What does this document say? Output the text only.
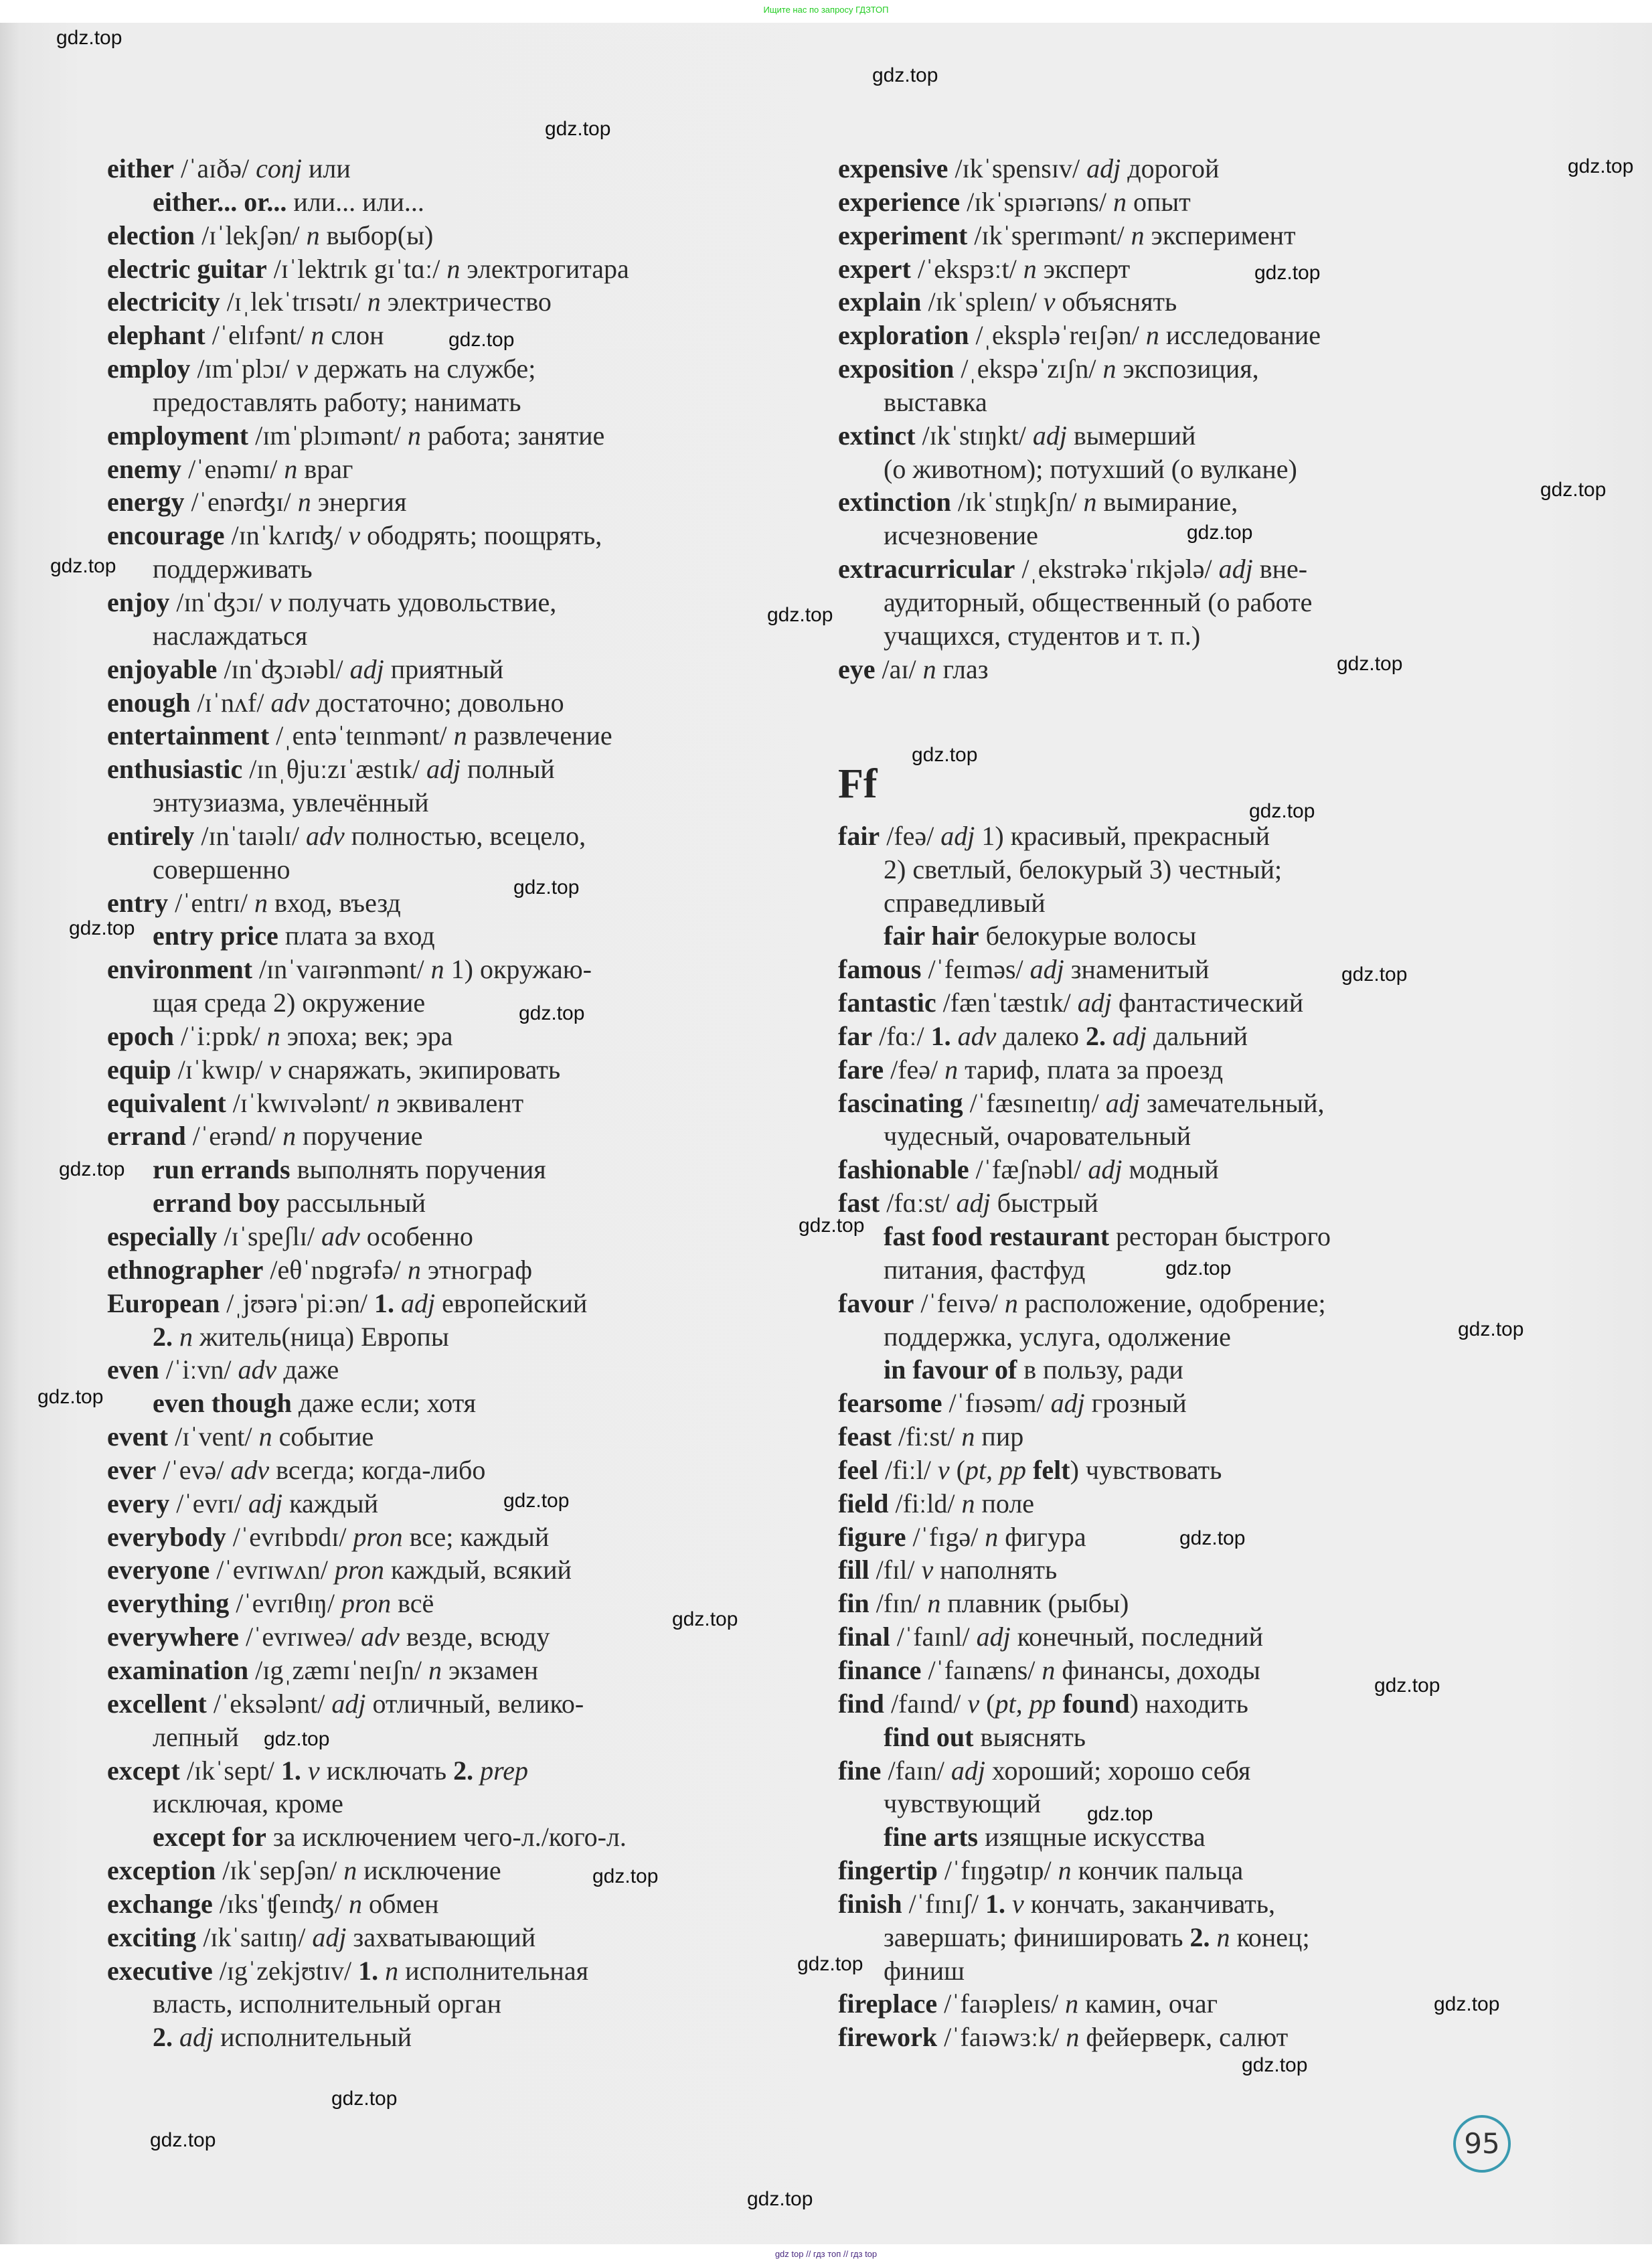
Ищите нас по запросу ГДЗТОП
either /ˈaɪðə/ conj или
either... or... или... или...
election /ɪˈlekʃən/ n выбор(ы)
electric guitar /ɪˈlektrɪk gɪˈtɑː/ n электрогитара
electricity /ɪˌlekˈtrɪsətɪ/ n электричество
elephant /ˈelɪfənt/ n слон
employ /ɪmˈplɔɪ/ v держать на службе;
предоставлять работу; нанимать
employment /ɪmˈplɔɪmənt/ n работа; занятие
enemy /ˈenəmɪ/ n враг
energy /ˈenərʤɪ/ n энергия
encourage /ɪnˈkʌrɪʤ/ v ободрять; поощрять,
поддерживать
enjoy /ɪnˈʤɔɪ/ v получать удовольствие,
наслаждаться
enjoyable /ɪnˈʤɔɪəbl/ adj приятный
enough /ɪˈnʌf/ adv достаточно; довольно
entertainment /ˌentəˈteɪnmənt/ n развлечение
enthusiastic /ɪnˌθjuːzɪˈæstɪk/ adj полный
энтузиазма, увлечённый
entirely /ɪnˈtaɪəlɪ/ adv полностью, всецело,
совершенно
entry /ˈentrɪ/ n вход, въезд
entry price плата за вход
environment /ɪnˈvaɪrənmənt/ n 1) окружаю-
щая среда 2) окружение
epoch /ˈiːpɒk/ n эпоха; век; эра
equip /ɪˈkwɪp/ v снаряжать, экипировать
equivalent /ɪˈkwɪvələnt/ n эквивалент
errand /ˈerənd/ n поручение
run errands выполнять поручения
errand boy рассыльный
especially /ɪˈspeʃlɪ/ adv особенно
ethnographer /eθˈnɒgrəfə/ n этнограф
European /ˌjʊərəˈpiːən/ 1. adj европейский
2. n житель(ница) Европы
even /ˈiːvn/ adv даже
even though даже если; хотя
event /ɪˈvent/ n событие
ever /ˈevə/ adv всегда; когда-либо
every /ˈevrɪ/ adj каждый
everybody /ˈevrɪbɒdɪ/ pron все; каждый
everyone /ˈevrɪwʌn/ pron каждый, всякий
everything /ˈevrɪθɪŋ/ pron всё
everywhere /ˈevrɪweə/ adv везде, всюду
examination /ɪgˌzæmɪˈneɪʃn/ n экзамен
excellent /ˈeksələnt/ adj отличный, велико-
лепный
except /ɪkˈsept/ 1. v исключать 2. prep
исключая, кроме
except for за исключением чего-л./кого-л.
exception /ɪkˈsepʃən/ n исключение
exchange /ɪksˈʧeɪnʤ/ n обмен
exciting /ɪkˈsaɪtɪŋ/ adj захватывающий
executive /ɪgˈzekjʊtɪv/ 1. n исполнительная
власть, исполнительный орган
2. adj исполнительный
expensive /ɪkˈspensɪv/ adj дорогой
experience /ɪkˈspɪərɪəns/ n опыт
experiment /ɪkˈsperɪmənt/ n эксперимент
expert /ˈekspɜːt/ n эксперт
explain /ɪkˈspleɪn/ v объяснять
exploration /ˌekspləˈreɪʃən/ n исследование
exposition /ˌekspəˈzɪʃn/ n экспозиция,
выставка
extinct /ɪkˈstɪŋkt/ adj вымерший
(о животном); потухший (о вулкане)
extinction /ɪkˈstɪŋkʃn/ n вымирание,
исчезновение
extracurricular /ˌekstrəkəˈrɪkjələ/ adj вне-
аудиторный, общественный (о работе
учащихся, студентов и т. п.)
eye /aɪ/ n глаз
Ff
fair /feə/ adj 1) красивый, прекрасный
2) светлый, белокурый 3) честный;
справедливый
fair hair белокурые волосы
famous /ˈfeɪməs/ adj знаменитый
fantastic /fænˈtæstɪk/ adj фантастический
far /fɑː/ 1. adv далеко 2. adj дальний
fare /feə/ n тариф, плата за проезд
fascinating /ˈfæsɪneɪtɪŋ/ adj замечательный,
чудесный, очаровательный
fashionable /ˈfæʃnəbl/ adj модный
fast /fɑːst/ adj быстрый
fast food restaurant ресторан быстрого
питания, фастфуд
favour /ˈfeɪvə/ n расположение, одобрение;
поддержка, услуга, одолжение
in favour of в пользу, ради
fearsome /ˈfɪəsəm/ adj грозный
feast /fiːst/ n пир
feel /fiːl/ v (pt, pp felt) чувствовать
field /fiːld/ n поле
figure /ˈfɪgə/ n фигура
fill /fɪl/ v наполнять
fin /fɪn/ n плавник (рыбы)
final /ˈfaɪnl/ adj конечный, последний
finance /ˈfaɪnæns/ n финансы, доходы
find /faɪnd/ v (pt, pp found) находить
find out выяснять
fine /faɪn/ adj хороший; хорошо себя
чувствующий
fine arts изящные искусства
fingertip /ˈfɪŋgətɪp/ n кончик пальца
finish /ˈfɪnɪʃ/ 1. v кончать, заканчивать,
завершать; финишировать 2. n конец;
финиш
fireplace /ˈfaɪəpleɪs/ n камин, очаг
firework /ˈfaɪəwɜːk/ n фейерверк, салют
95
gdz.top
gdz.top
gdz.top
gdz.top
gdz.top
gdz.top
gdz.top
gdz.top
gdz.top
gdz.top
gdz.top
gdz.top
gdz.top
gdz.top
gdz.top
gdz.top
gdz.top
gdz.top
gdz.top
gdz.top
gdz.top
gdz.top
gdz.top
gdz.top
gdz.top
gdz.top
gdz.top
gdz.top
gdz.top
gdz.top
gdz.top
gdz.top
gdz.top
gdz.top
gdz.top
gdz top // гдз топ // гдз top
